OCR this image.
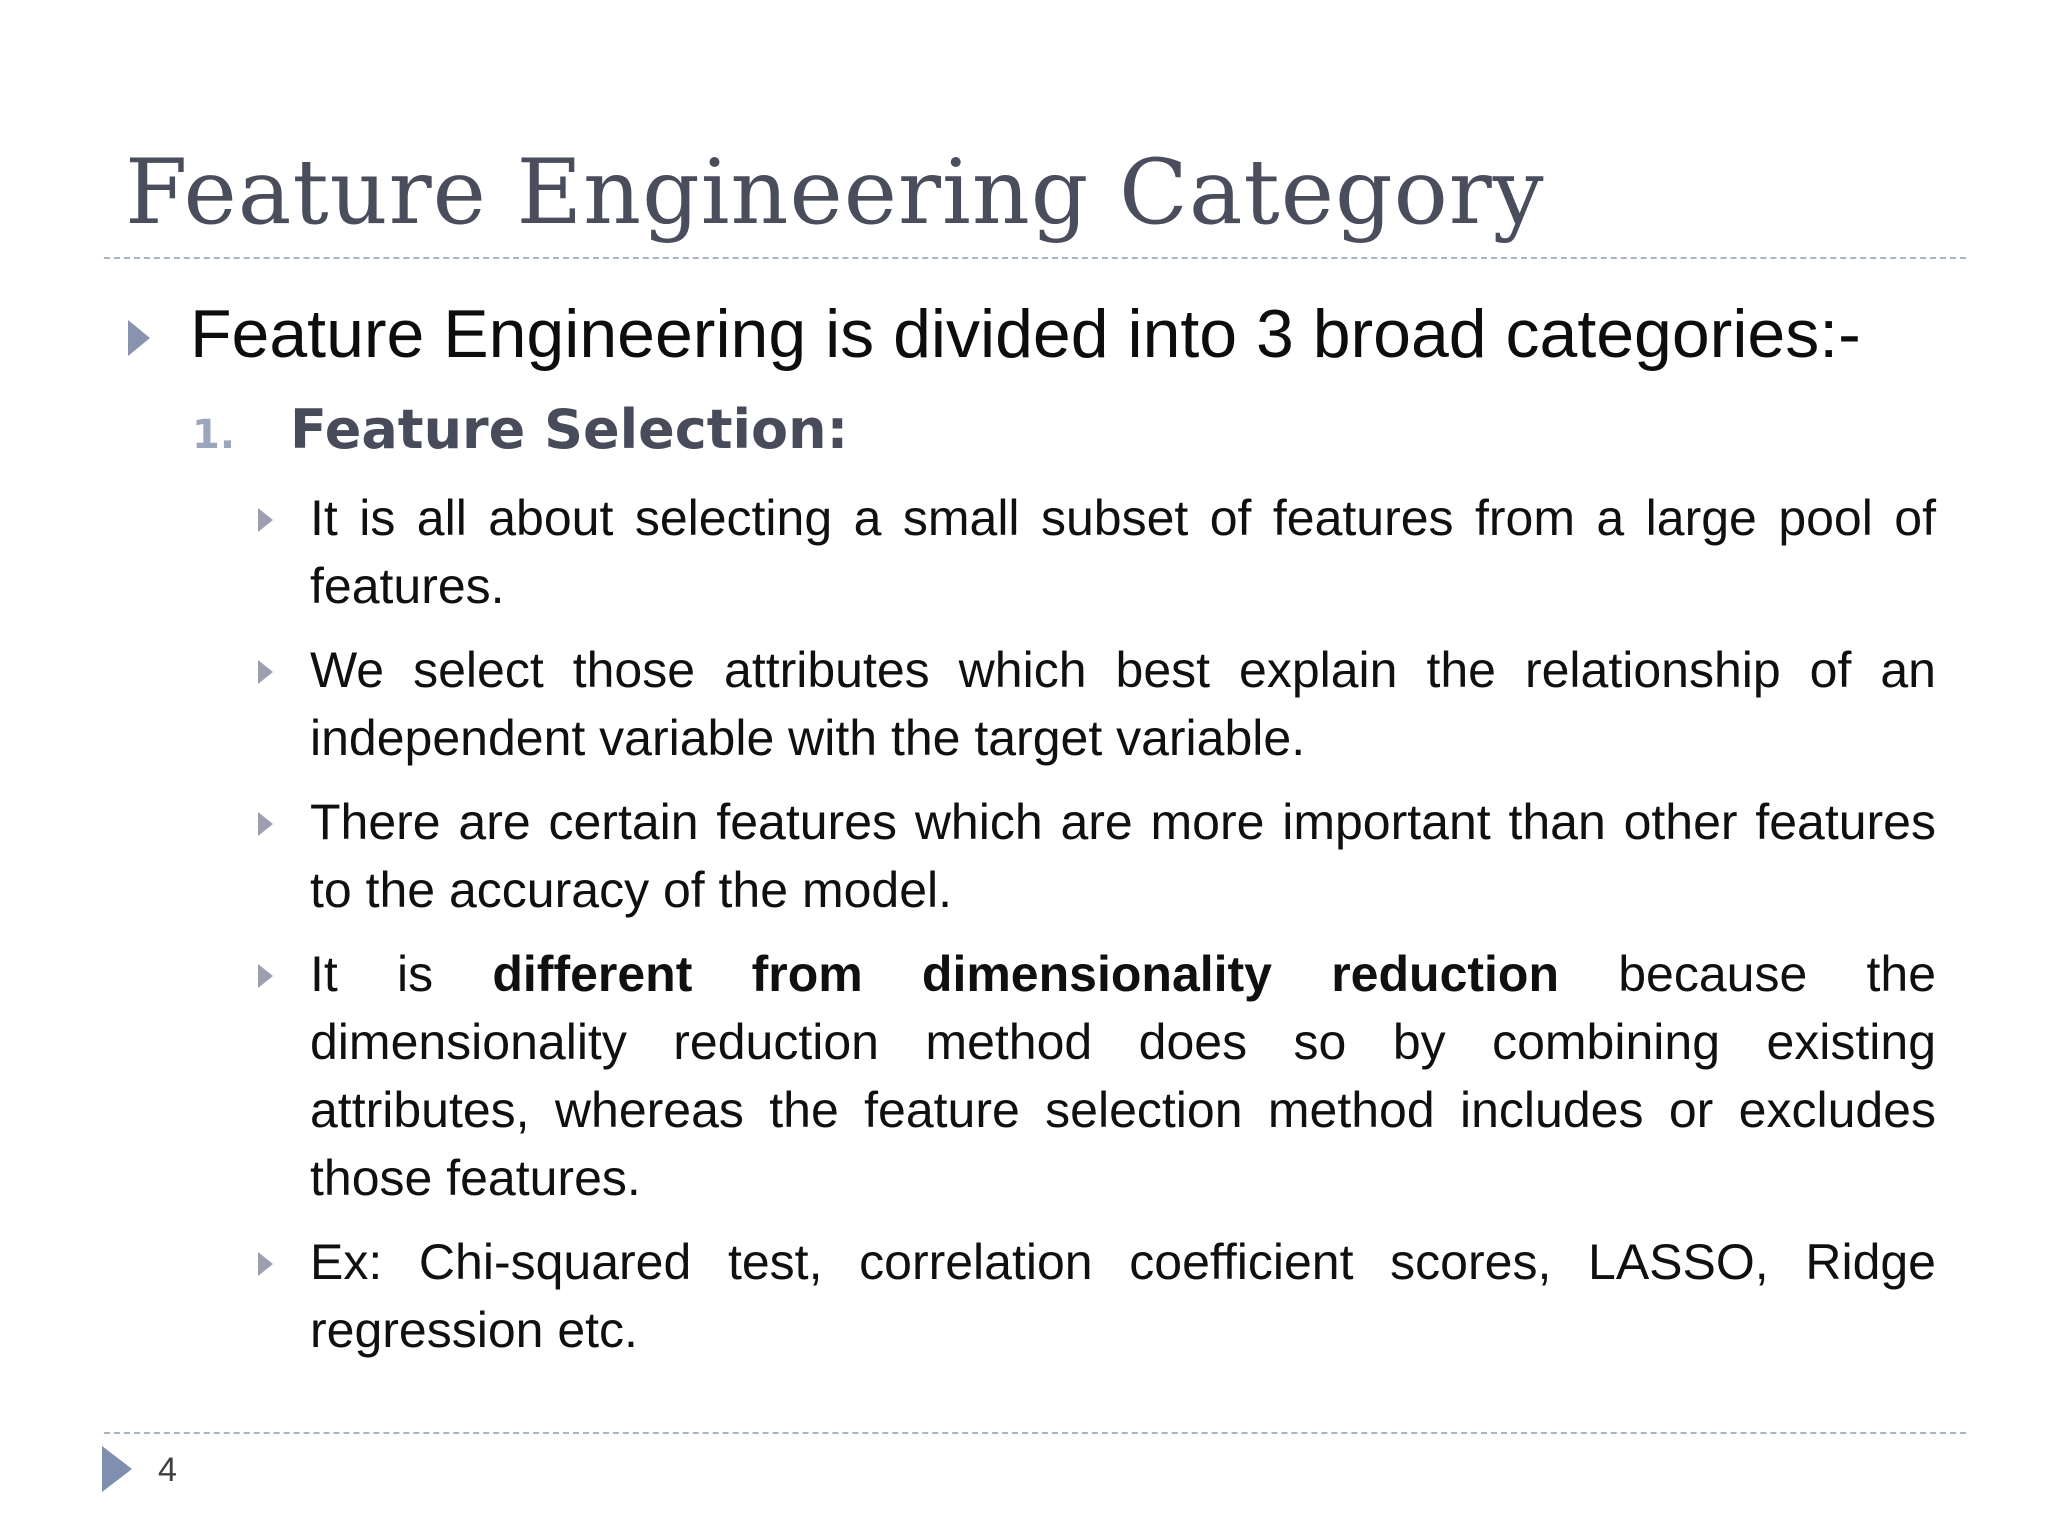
Feature Engineering Category
Feature Engineering is divided into 3 broad categories:-
1.	Feature Selection:
It is all about selecting a small subset of features from a large pool of features.
We select those attributes which best explain the relationship of an independent variable with the target variable.
There are certain features which are more important than other features to the accuracy of the model.
It is different from dimensionality reduction because the dimensionality reduction method does so by combining existing attributes, whereas the feature selection method includes or excludes those features.
Ex: Chi-squared test, correlation coefficient scores, LASSO, Ridge regression etc.
4
